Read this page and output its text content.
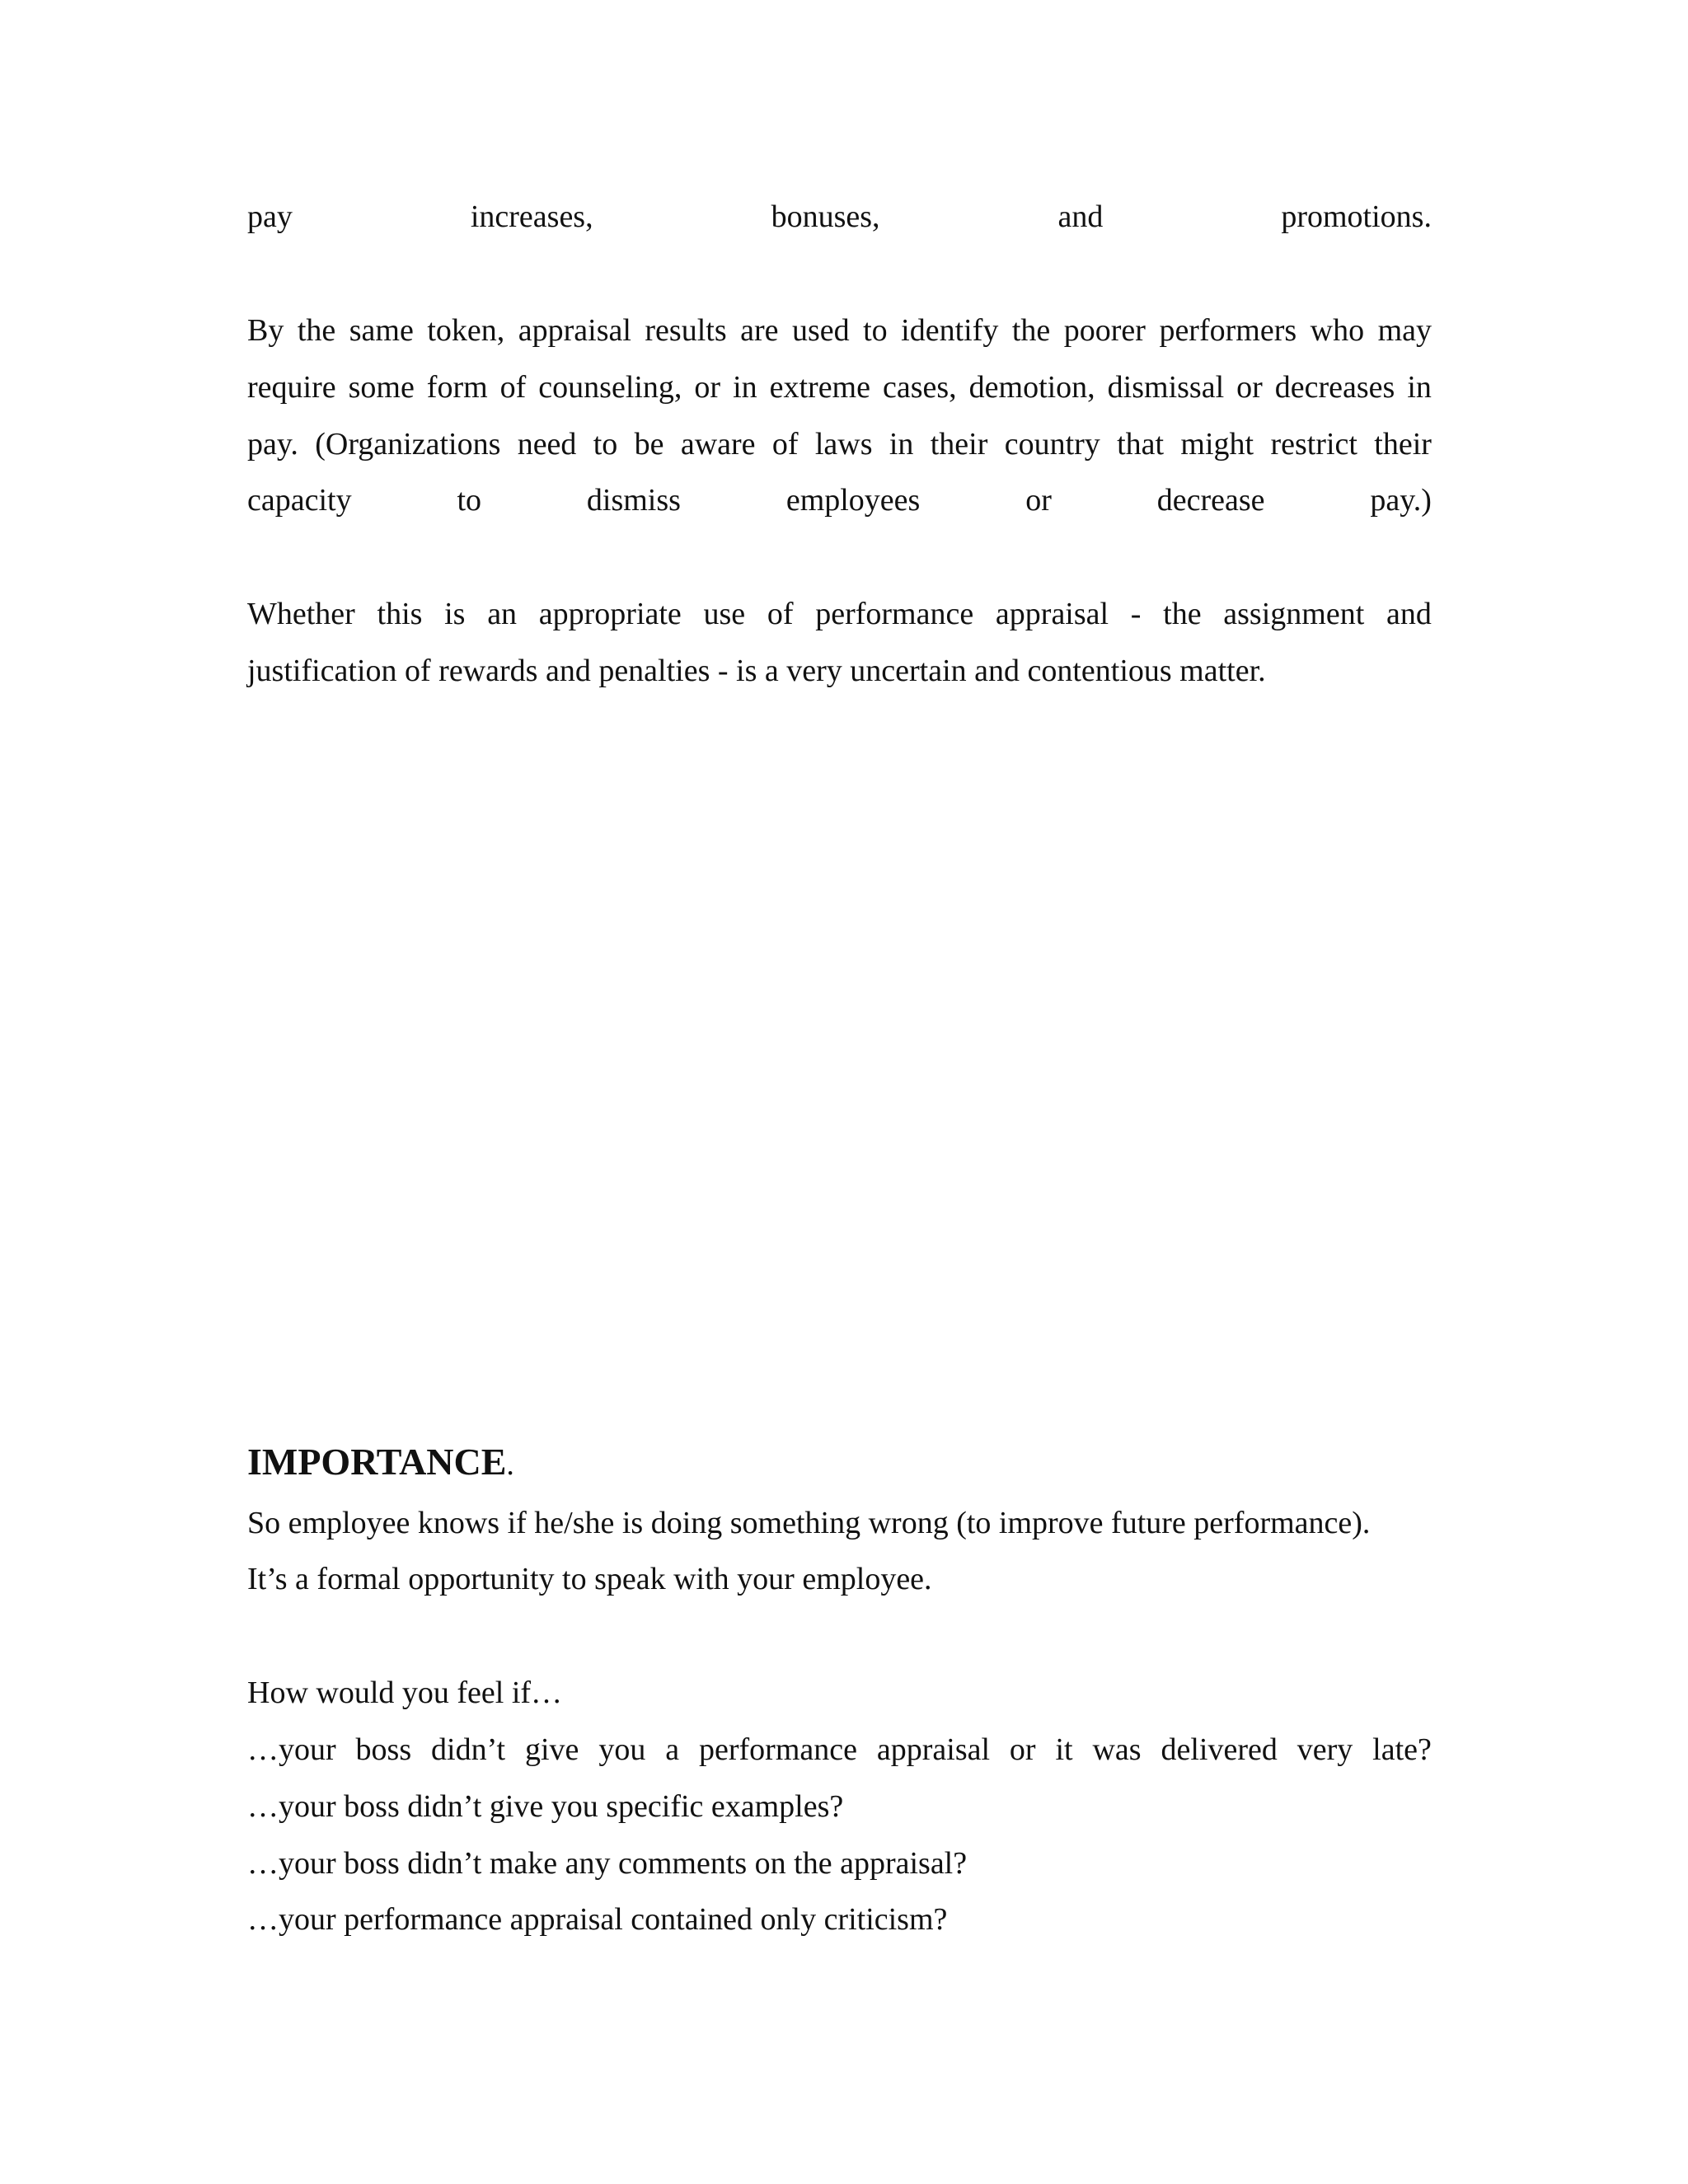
pay	increases,	bonuses,	and	promotions.
By the same token, appraisal results are used to identify the poorer performers who may
require some form of counseling, or in extreme cases, demotion, dismissal or decreases in
pay. (Organizations need to be aware of laws in their country that might restrict their
capacity	to	dismiss	employees	or	decrease	pay.)
Whether this is an appropriate use of performance appraisal - the assignment and
justification of rewards and penalties - is a very uncertain and contentious matter.
IMPORTANCE.
So employee knows if he/she is doing something wrong (to improve future performance).
It’s a formal opportunity to speak with your employee.
How would you feel if…
…your boss didn’t give you a performance appraisal or it was delivered very late?
…your boss didn’t give you specific examples?
…your boss didn’t make any comments on the appraisal?
…your performance appraisal contained only criticism?
